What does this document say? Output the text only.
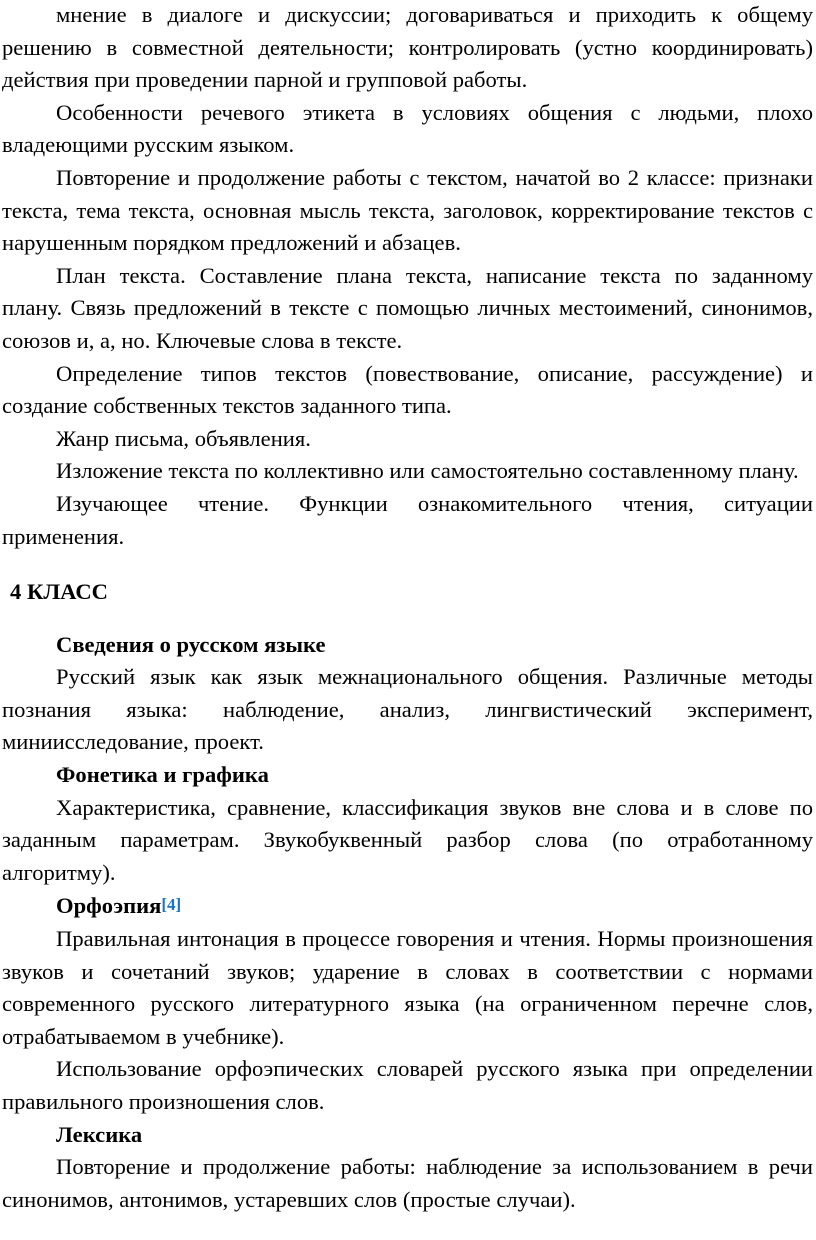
мнение в диалоге и дискуссии; договариваться и приходить к общему решению в совместной деятельности; контролировать (устно координировать) действия при проведении парной и групповой работы.

Особенности речевого этикета в условиях общения с людьми, плохо владеющими русским языком.

Повторение и продолжение работы с текстом, начатой во 2 классе: признаки текста, тема текста, основная мысль текста, заголовок, корректирование текстов с нарушенным порядком предложений и абзацев.

План текста. Составление плана текста, написание текста по заданному плану. Связь предложений в тексте с помощью личных местоимений, синонимов, союзов и, а, но. Ключевые слова в тексте.

Определение типов текстов (повествование, описание, рассуждение) и создание собственных текстов заданного типа.

Жанр письма, объявления.

Изложение текста по коллективно или самостоятельно составленному плану.

Изучающее чтение. Функции ознакомительного чтения, ситуации применения.

4 КЛАСС

Сведения о русском языке

Русский язык как язык межнационального общения. Различные методы познания языка: наблюдение, анализ, лингвистический эксперимент, миниисследование, проект.

Фонетика и графика

Характеристика, сравнение, классификация звуков вне слова и в слове по заданным параметрам. Звукобуквенный разбор слова (по отработанному алгоритму).

Орфоэпия[4]

Правильная интонация в процессе говорения и чтения. Нормы произношения звуков и сочетаний звуков; ударение в словах в соответствии с нормами современного русского литературного языка (на ограниченном перечне слов, отрабатываемом в учебнике).

Использование орфоэпических словарей русского языка при определении правильного произношения слов.

Лексика

Повторение и продолжение работы: наблюдение за использованием в речи синонимов, антонимов, устаревших слов (простые случаи).
